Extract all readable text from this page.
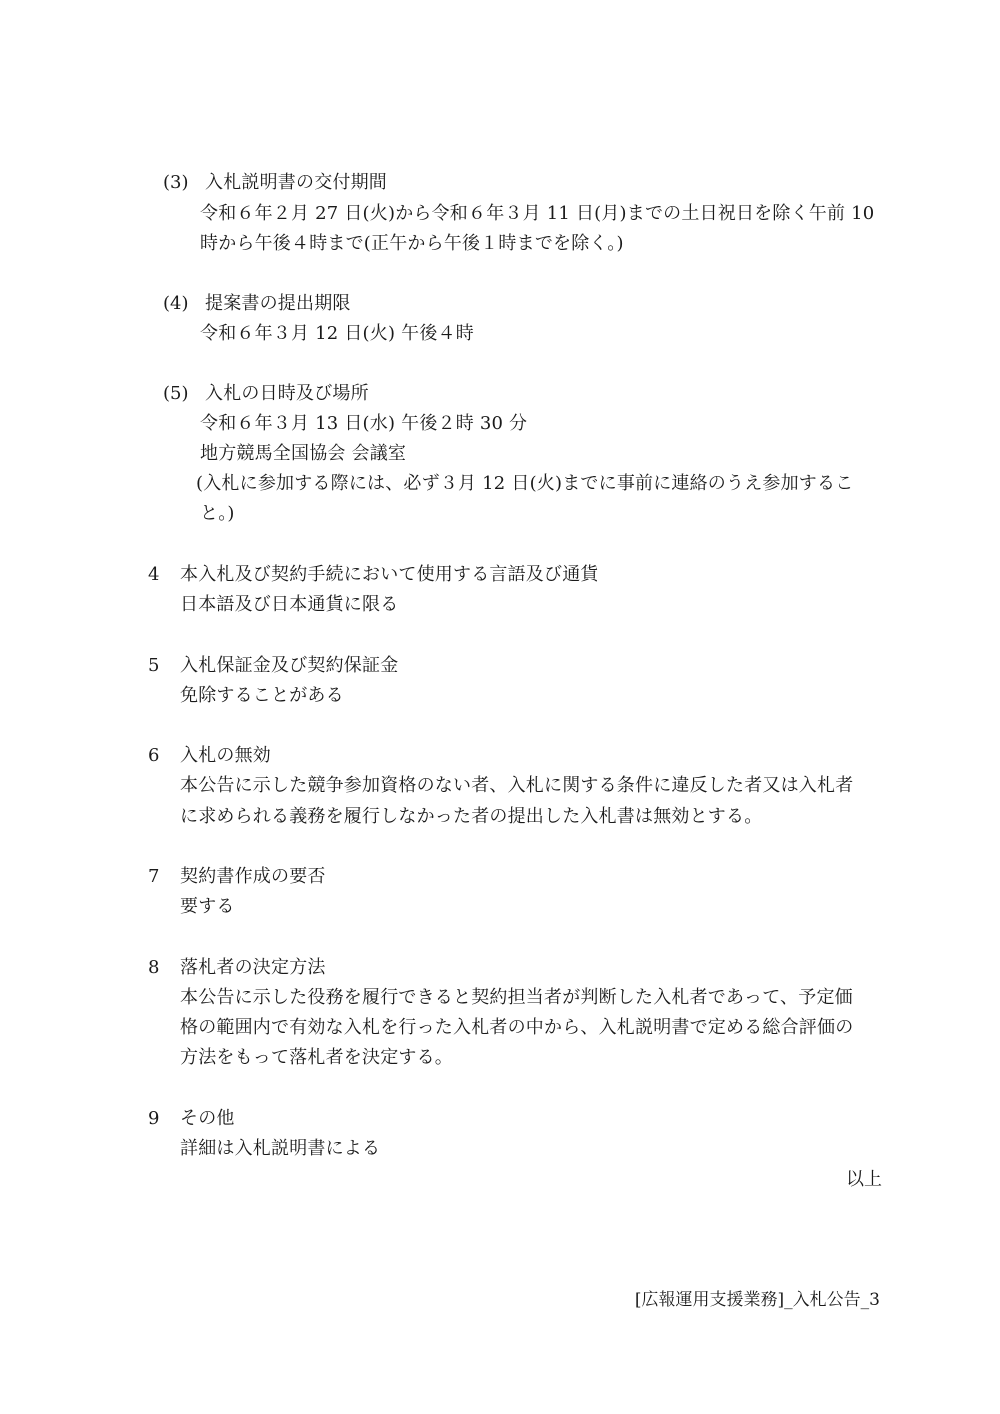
(3) 入札説明書の交付期間
令和６年２月 27 日(火)から令和６年３月 11 日(月)までの土日祝日を除く午前 10
時から午後４時まで(正午から午後１時までを除く。)
(4) 提案書の提出期限
令和６年３月 12 日(火) 午後４時
(5) 入札の日時及び場所
令和６年３月 13 日(水) 午後２時 30 分
地方競馬全国協会 会議室
(入札に参加する際には、必ず３月 12 日(火)までに事前に連絡のうえ参加するこ
と。)
4 本入札及び契約手続において使用する言語及び通貨
日本語及び日本通貨に限る
5 入札保証金及び契約保証金
免除することがある
6 入札の無効
本公告に示した競争参加資格のない者、入札に関する条件に違反した者又は入札者
に求められる義務を履行しなかった者の提出した入札書は無効とする。
7 契約書作成の要否
要する
8 落札者の決定方法
本公告に示した役務を履行できると契約担当者が判断した入札者であって、予定価
格の範囲内で有効な入札を行った入札者の中から、入札説明書で定める総合評価の
方法をもって落札者を決定する。
9 その他
詳細は入札説明書による
以上
[広報運用支援業務]_入札公告_3
